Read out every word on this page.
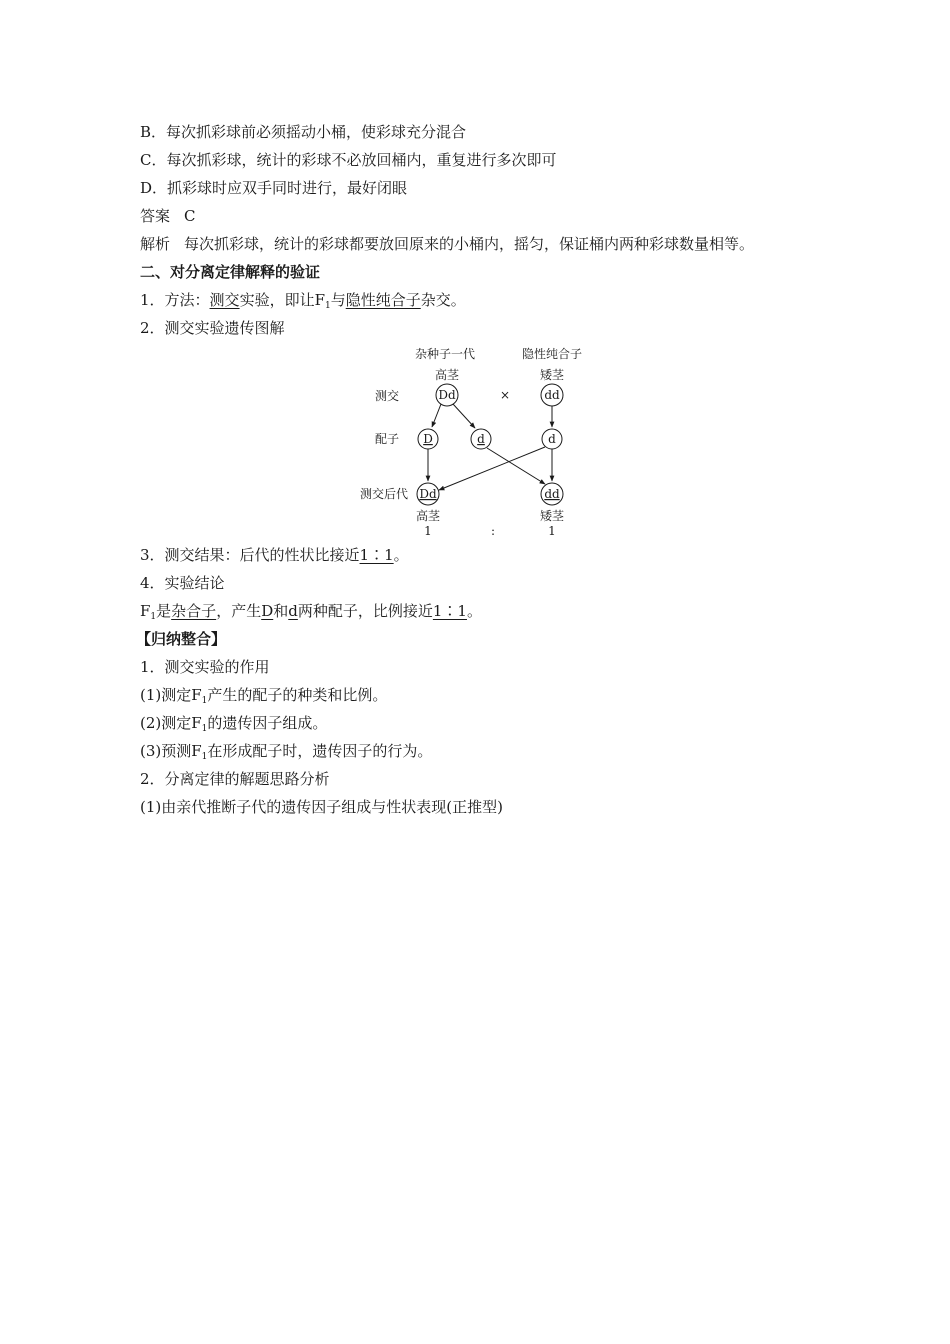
B．每次抓彩球前必须摇动小桶，使彩球充分混合
C．每次抓彩球，统计的彩球不必放回桶内，重复进行多次即可
D．抓彩球时应双手同时进行，最好闭眼
答案 C
解析 每次抓彩球，统计的彩球都要放回原来的小桶内，摇匀，保证桶内两种彩球数量相等。
二、对分离定律解释的验证
1．方法：测交实验，即让$F_1$与隐性纯合子杂交。
2．测交实验遗传图解
杂种子一代	隐性纯合子
高茎	矮茎
测交
配子
测交后代
Dd	×	dd
D	d	d
Dd	dd
高茎	矮茎
1	:	1
3．测交结果：后代的性状比接近1∶1。
4．实验结论
$F_1$是杂合子，产生D和d两种配子，比例接近1∶1。
【归纳整合】
1．测交实验的作用
(1)测定$F_1$产生的配子的种类和比例。
(2)测定$F_1$的遗传因子组成。
(3)预测$F_1$在形成配子时，遗传因子的行为。
2．分离定律的解题思路分析
(1)由亲代推断子代的遗传因子组成与性状表现(正推型)
